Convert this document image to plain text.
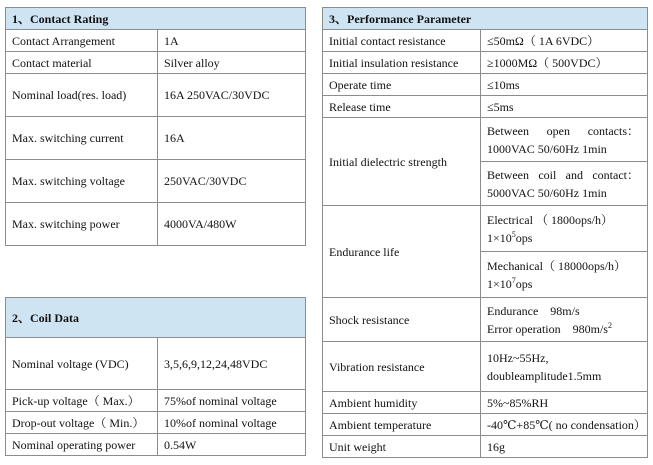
1、Contact Rating	
Contact Arrangement	1A
Contact material	Silver alloy
Nominal load(res. load)	16A 250VAC/30VDC
Max. switching current	16A
Max. switching voltage	250VAC/30VDC
Max. switching power	4000VA/480W
2、Coil Data	
Nominal voltage (VDC)	3,5,6,9,12,24,48VDC
Pick-up voltage（ Max.）	75%of nominal voltage
Drop-out voltage（ Min.）	10%of nominal voltage
Nominal operating power	0.54W
3、Performance Parameter	
Initial contact resistance	≤50mΩ（ 1A 6VDC）
Initial insulation resistance	≥1000MΩ（ 500VDC）
Operate time	≤10ms
Release time	≤5ms
Initial dielectric strength	Between open contacts：
1000VAC 50/60Hz 1min

	Between coil and contact：
5000VAC 50/60Hz 1min

Endurance life	Electrical （ 1800ops/h）
$1\times 10^5ops$

	Mechanical（ 18000ops/h）
$1\times 10^7ops$

Shock resistance	Endurance    98m/s
Error operation    $980m/s^2$

Vibration resistance	10Hz~55Hz,
doubleamplitude1.5mm

Ambient humidity	5%~85%RH
Ambient temperature	-40℃+85℃( no condensation）
Unit weight	16g
